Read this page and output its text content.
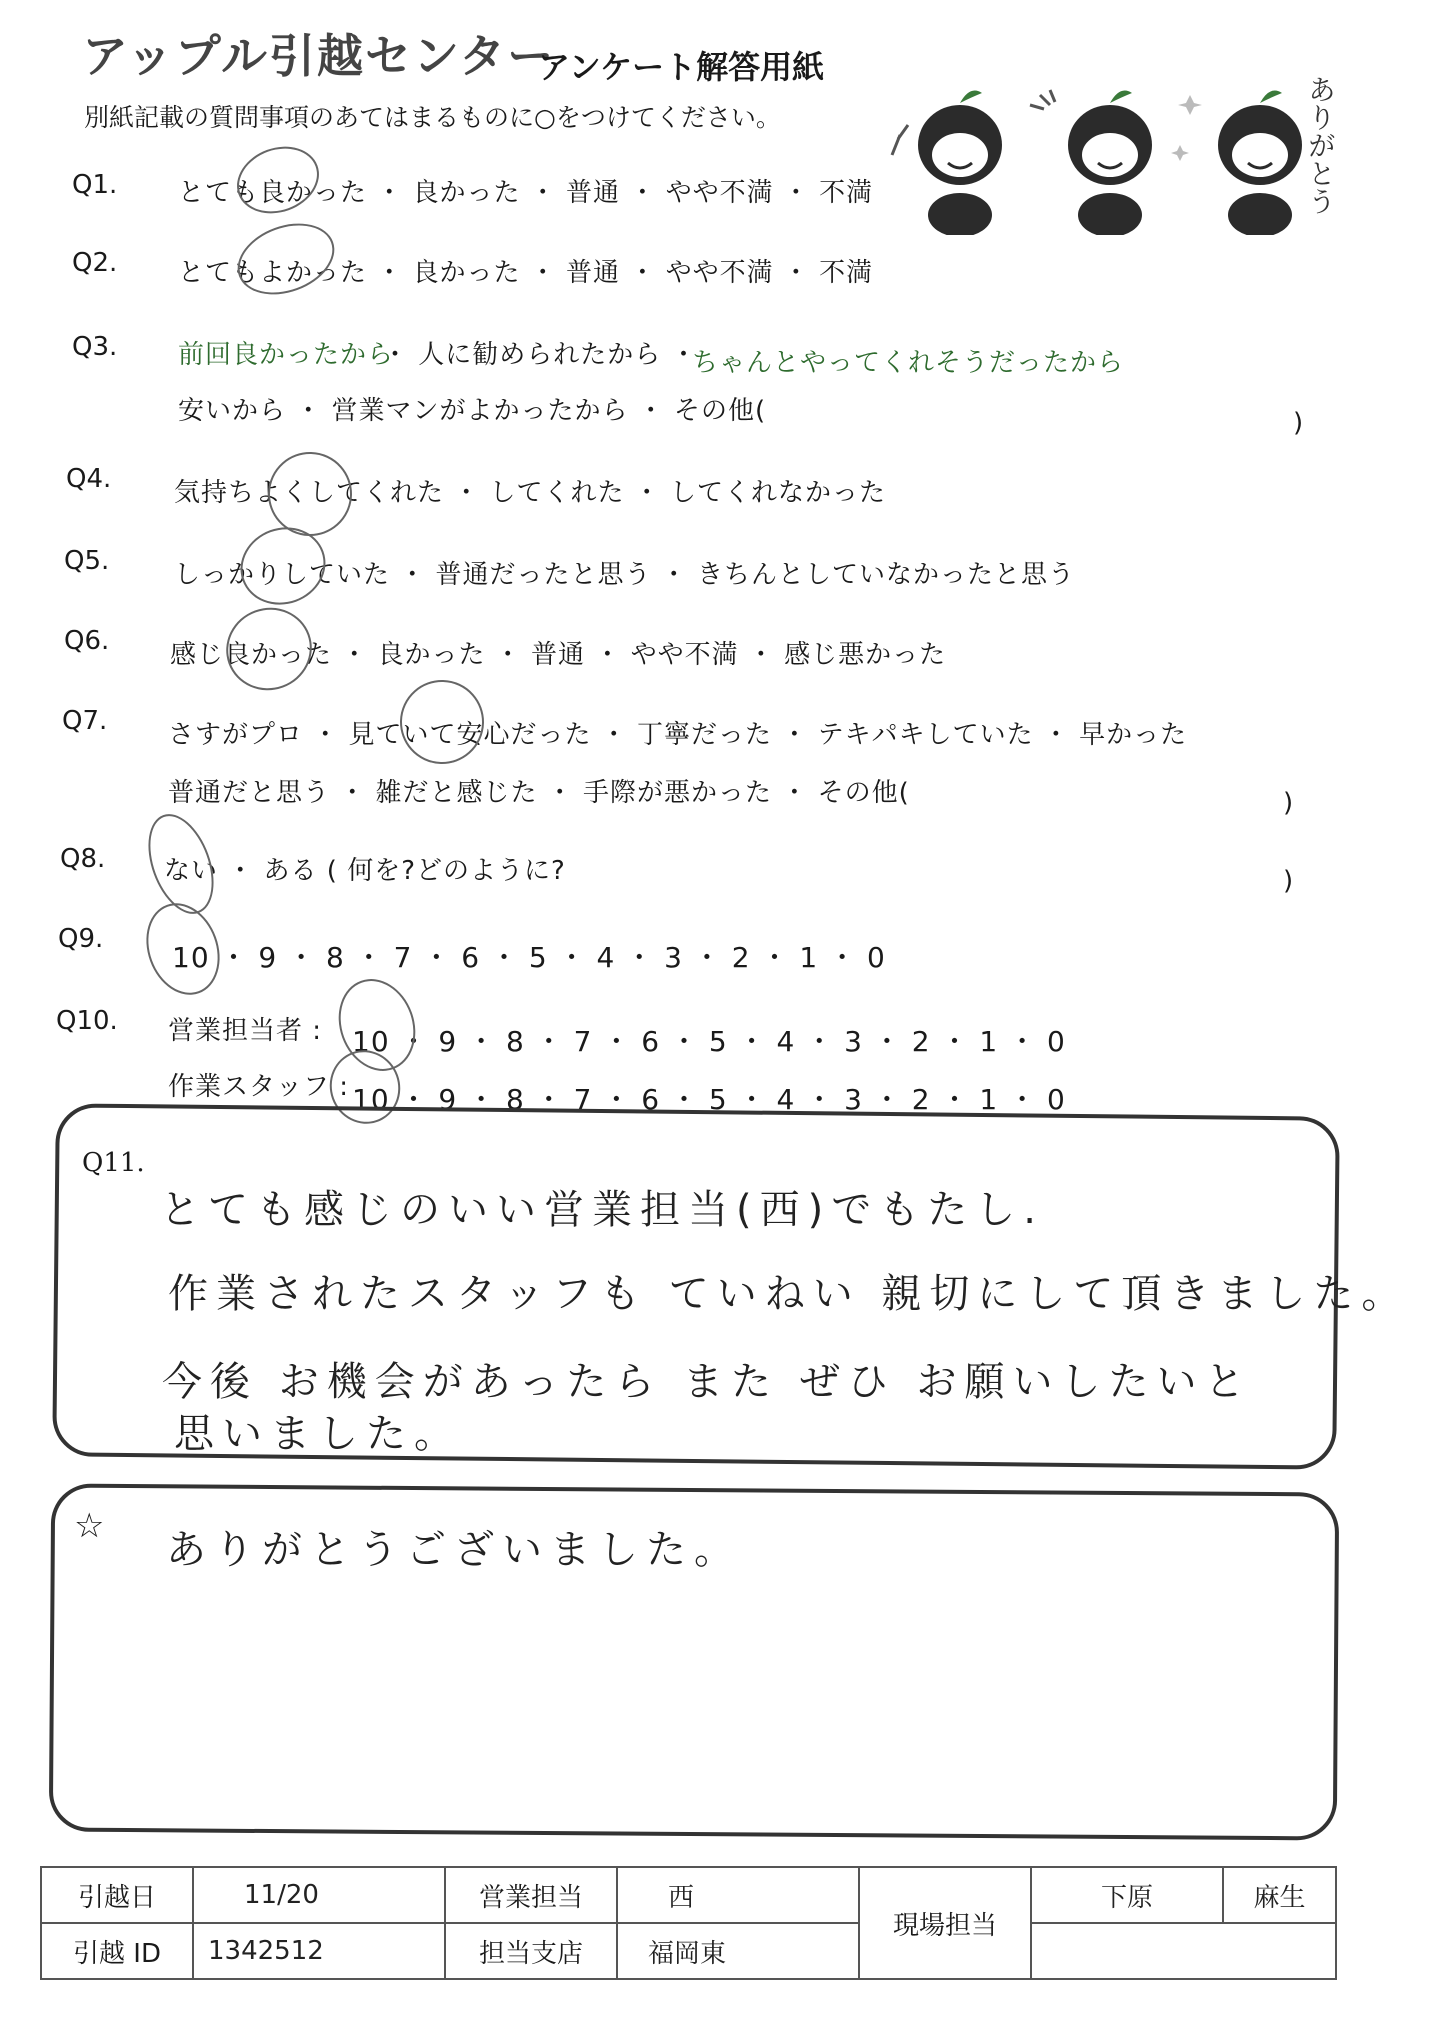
アップル引越センター
アンケート解答用紙
別紙記載の質問事項のあてはまるものに○をつけてください。	ありがとう
Q1. とても良かった ・ 良かった ・ 普通 ・ やや不満 ・ 不満
Q2. とてもよかった ・ 良かった ・ 普通 ・ やや不満 ・ 不満
Q3. 前回良かったから
・ 人に勧められたから ・
ちゃんとやってくれそうだったから
安いから ・ 営業マンがよかったから ・ その他(	)
Q4. 気持ちよくしてくれた ・ してくれた ・ してくれなかった
Q5. しっかりしていた ・ 普通だったと思う ・ きちんとしていなかったと思う
Q6. 感じ良かった ・ 良かった ・ 普通 ・ やや不満 ・ 感じ悪かった
Q7. さすがプロ ・ 見ていて安心だった ・ 丁寧だった ・ テキパキしていた ・ 早かった
普通だと思う ・ 雑だと感じた ・ 手際が悪かった ・ その他(	)
Q8. ない ・ ある ( 何を?どのように?	)
Q9.
10 ・ 9 ・ 8 ・ 7 ・ 6 ・ 5 ・ 4 ・ 3 ・ 2 ・ 1 ・ 0
Q10. 営業担当者 : 10 ・ 9 ・ 8 ・ 7 ・ 6 ・ 5 ・ 4 ・ 3 ・ 2 ・ 1 ・ 0
作業スタッフ : 10 ・ 9 ・ 8 ・ 7 ・ 6 ・ 5 ・ 4 ・ 3 ・ 2 ・ 1 ・ 0
Q11.
とても感じのいい営業担当(西)でもたし.
作業されたスタッフも ていねい 親切にして頂きました。
今後 お機会があったら また ぜひ お願いしたいと
思いました。
☆
ありがとうございました。
引越日	11/20	営業担当	西	現場担当	下原	麻生
引越 ID	1342512	担当支店	福岡東			
